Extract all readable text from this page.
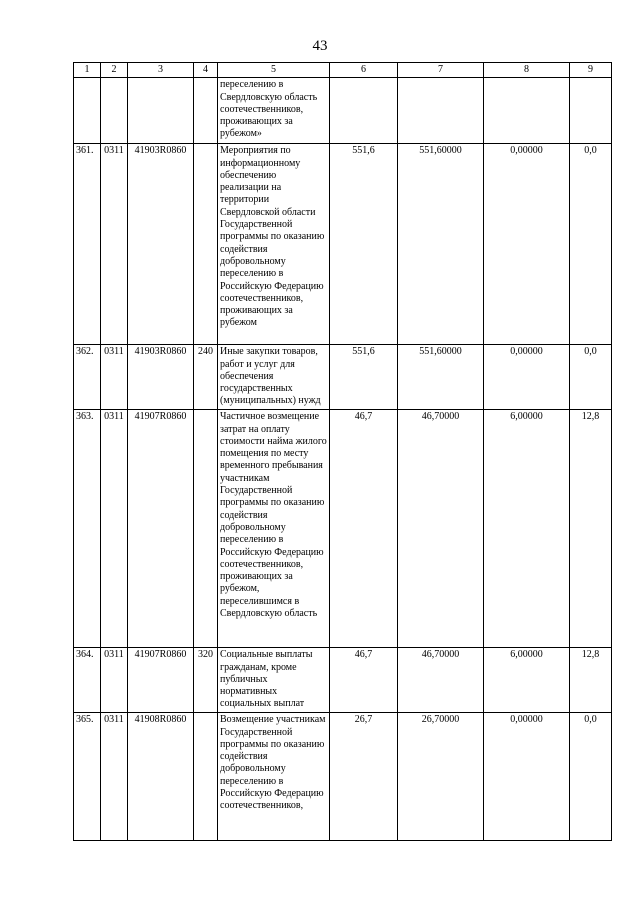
43
1	2	3	4	5	6	7	8	9
				переселению в Свердловскую область соотечественников, проживающих за рубежом»				
361.	0311	41903R0860		Мероприятия по информационному обеспечению реализации на территории Свердловской области Государственной программы по оказанию содействия добровольному переселению в Российскую Федерацию соотечественников, проживающих за рубежом	551,6	551,60000	0,00000	0,0
362.	0311	41903R0860	240	Иные закупки товаров, работ и услуг для обеспечения государственных (муниципальных) нужд	551,6	551,60000	0,00000	0,0
363.	0311	41907R0860		Частичное возмещение затрат на оплату стоимости найма жилого помещения по месту временного пребывания участникам Государственной программы по оказанию содействия добровольному переселению в Российскую Федерацию соотечественников, проживающих за рубежом, переселившимся в Свердловскую область	46,7	46,70000	6,00000	12,8
364.	0311	41907R0860	320	Социальные выплаты гражданам, кроме публичных нормативных социальных выплат	46,7	46,70000	6,00000	12,8
365.	0311	41908R0860		Возмещение участникам Государственной программы по оказанию содействия добровольному переселению в Российскую Федерацию соотечественников,	26,7	26,70000	0,00000	0,0
